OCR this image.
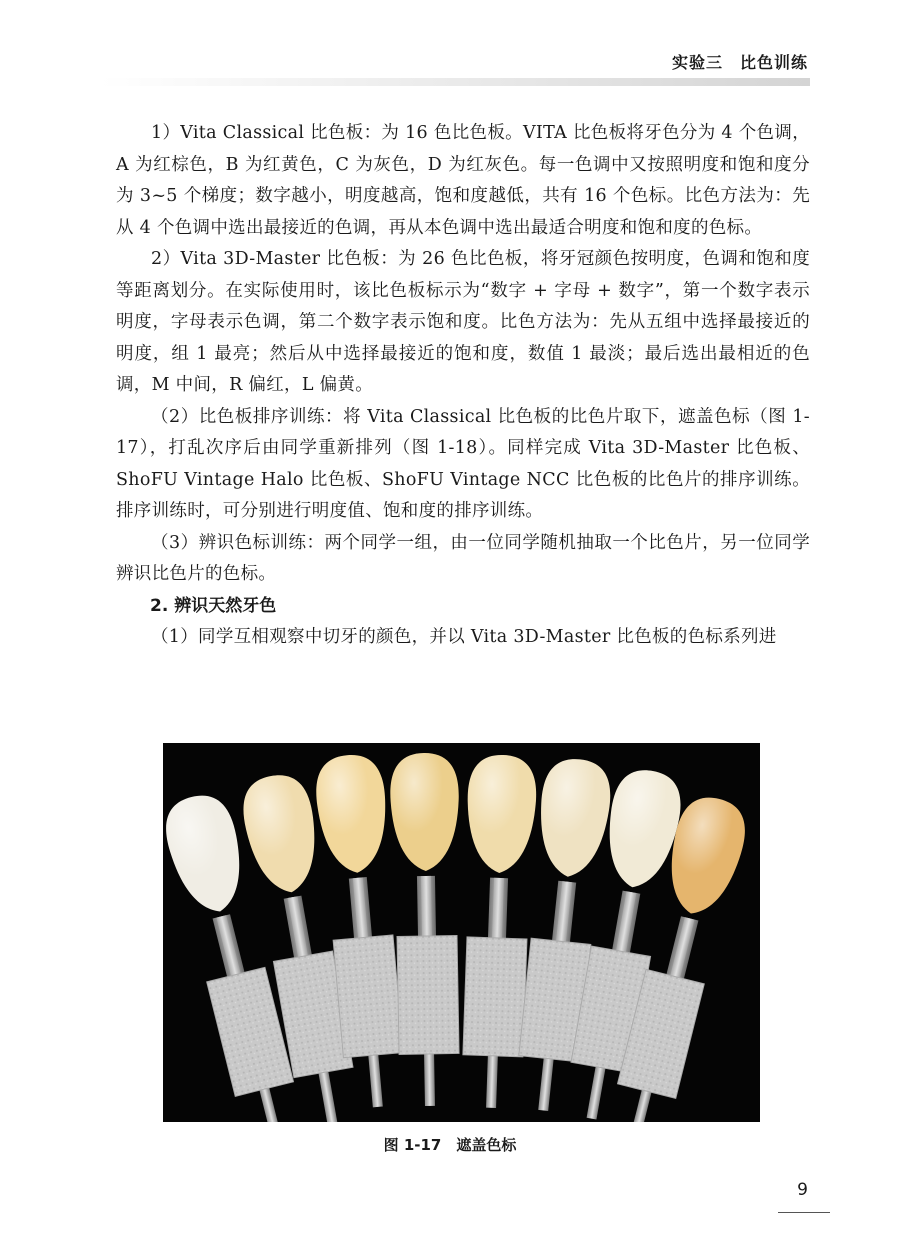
实验三　比色训练

1）Vita Classical 比色板：为 16 色比色板。VITA 比色板将牙色分为 4 个色调，A 为红棕色，B 为红黄色，C 为灰色，D 为红灰色。每一色调中又按照明度和饱和度分为 3~5 个梯度；数字越小，明度越高，饱和度越低，共有 16 个色标。比色方法为：先从 4 个色调中选出最接近的色调，再从本色调中选出最适合明度和饱和度的色标。

2）Vita 3D-Master 比色板：为 26 色比色板，将牙冠颜色按明度，色调和饱和度等距离划分。在实际使用时，该比色板标示为“数字 + 字母 + 数字”，第一个数字表示明度，字母表示色调，第二个数字表示饱和度。比色方法为：先从五组中选择最接近的明度，组 1 最亮；然后从中选择最接近的饱和度，数值 1 最淡；最后选出最相近的色调，M 中间，R 偏红，L 偏黄。

（2）比色板排序训练：将 Vita Classical 比色板的比色片取下，遮盖色标（图 1-17），打乱次序后由同学重新排列（图 1-18）。同样完成 Vita 3D-Master 比色板、ShoFU Vintage Halo 比色板、ShoFU Vintage NCC 比色板的比色片的排序训练。排序训练时，可分别进行明度值、饱和度的排序训练。

（3）辨识色标训练：两个同学一组，由一位同学随机抽取一个比色片，另一位同学辨识比色片的色标。

2. 辨识天然牙色

（1）同学互相观察中切牙的颜色，并以 Vita 3D-Master 比色板的色标系列进

图 1-17　遮盖色标
9
